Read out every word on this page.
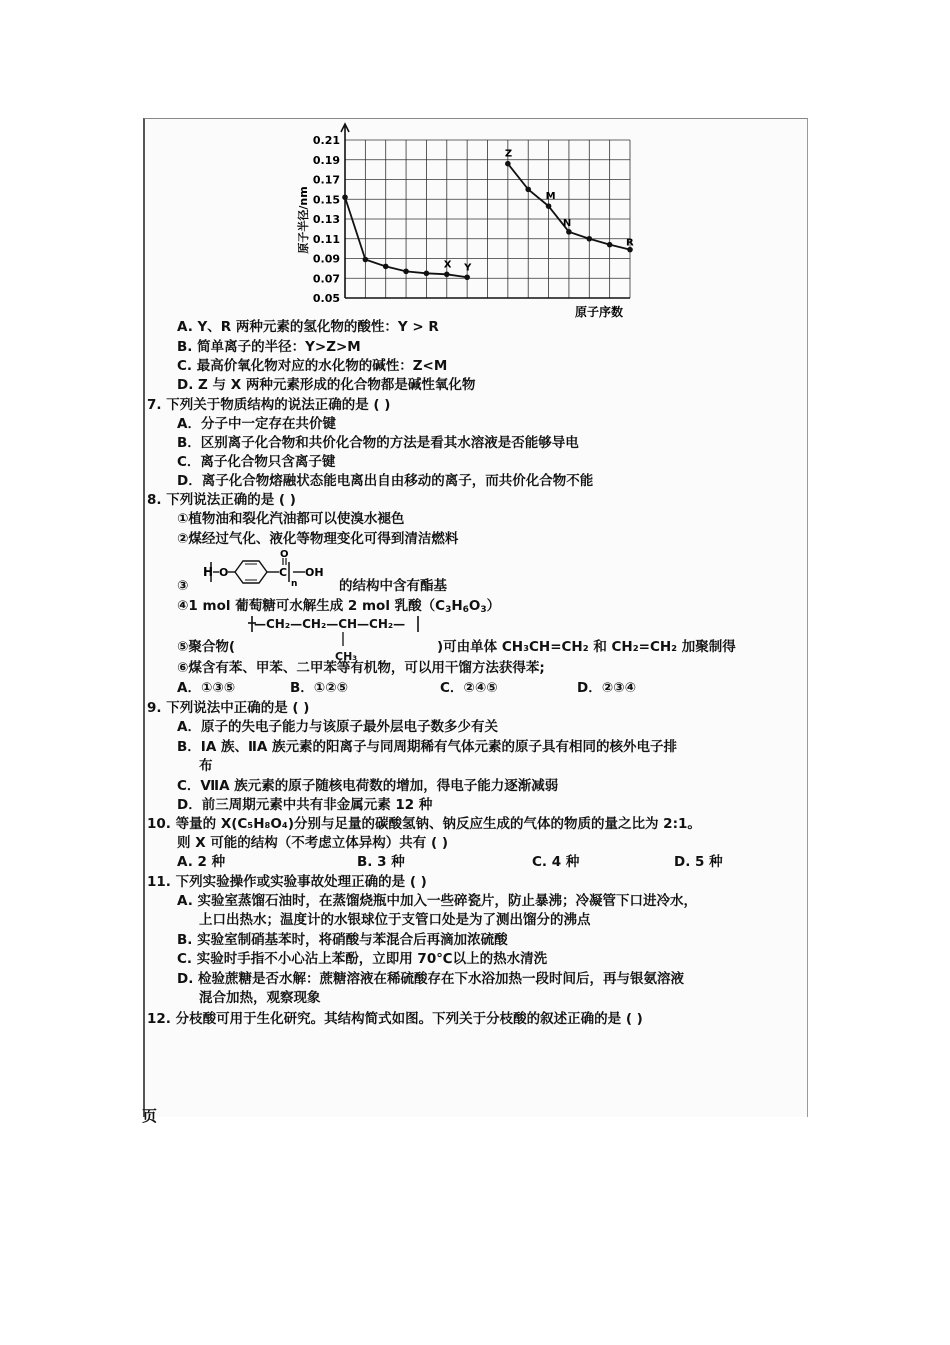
页
0.21
0.19
0.17
0.15
0.13
0.11
0.09
0.07
0.05
X Y
Z
M
N
R
原子半径/nm
原子序数
A. Y、R 两种元素的氢化物的酸性：Y > R
B. 简单离子的半径：Y>Z>M
C. 最高价氧化物对应的水化物的碱性：Z<M
D. Z 与 X 两种元素形成的化合物都是碱性氧化物
7. 下列关于物质结构的说法正确的是 ( )
A．分子中一定存在共价键
B．区别离子化合物和共价化合物的方法是看其水溶液是否能够导电
C．离子化合物只含离子键
D．离子化合物熔融状态能电离出自由移动的离子，而共价化合物不能
8. 下列说法正确的是 ( )
①植物油和裂化汽油都可以使溴水褪色
②煤经过气化、液化等物理变化可得到清洁燃料
③
H O	C
O
n
OH
的结构中含有酯基
④1 mol 葡萄糖可水解生成 2 mol 乳酸$(C_3H_6O_3)$
—CH₂—CH₂—CH—CH₂—
CH₃
⑤聚合物(	)可由单体 CH₃CH=CH₂ 和 CH₂=CH₂ 加聚制得
⑥煤含有苯、甲苯、二甲苯等有机物，可以用干馏方法获得苯;
A．①③⑤	B．①②⑤	C．②④⑤	D．②③④
9. 下列说法中正确的是 ( )
A．原子的失电子能力与该原子最外层电子数多少有关
B．ⅠA 族、ⅡA 族元素的阳离子与同周期稀有气体元素的原子具有相同的核外电子排
布
C．ⅦA 族元素的原子随核电荷数的增加，得电子能力逐渐减弱
D．前三周期元素中共有非金属元素 12 种
10. 等量的 X(C₅H₈O₄)分别与足量的碳酸氢钠、钠反应生成的气体的物质的量之比为 2:1。
则 X 可能的结构（不考虑立体异构）共有 ( )
A. 2 种	B. 3 种	C. 4 种	D. 5 种
11. 下列实验操作或实验事故处理正确的是 ( )
A. 实验室蒸馏石油时，在蒸馏烧瓶中加入一些碎瓷片，防止暴沸；冷凝管下口进冷水，
上口出热水；温度计的水银球位于支管口处是为了测出馏分的沸点
B. 实验室制硝基苯时，将硝酸与苯混合后再滴加浓硫酸
C. 实验时手指不小心沾上苯酚，立即用 70℃以上的热水清洗
D. 检验蔗糖是否水解：蔗糖溶液在稀硫酸存在下水浴加热一段时间后，再与银氨溶液
混合加热，观察现象
12. 分枝酸可用于生化研究。其结构简式如图。下列关于分枝酸的叙述正确的是 ( )
